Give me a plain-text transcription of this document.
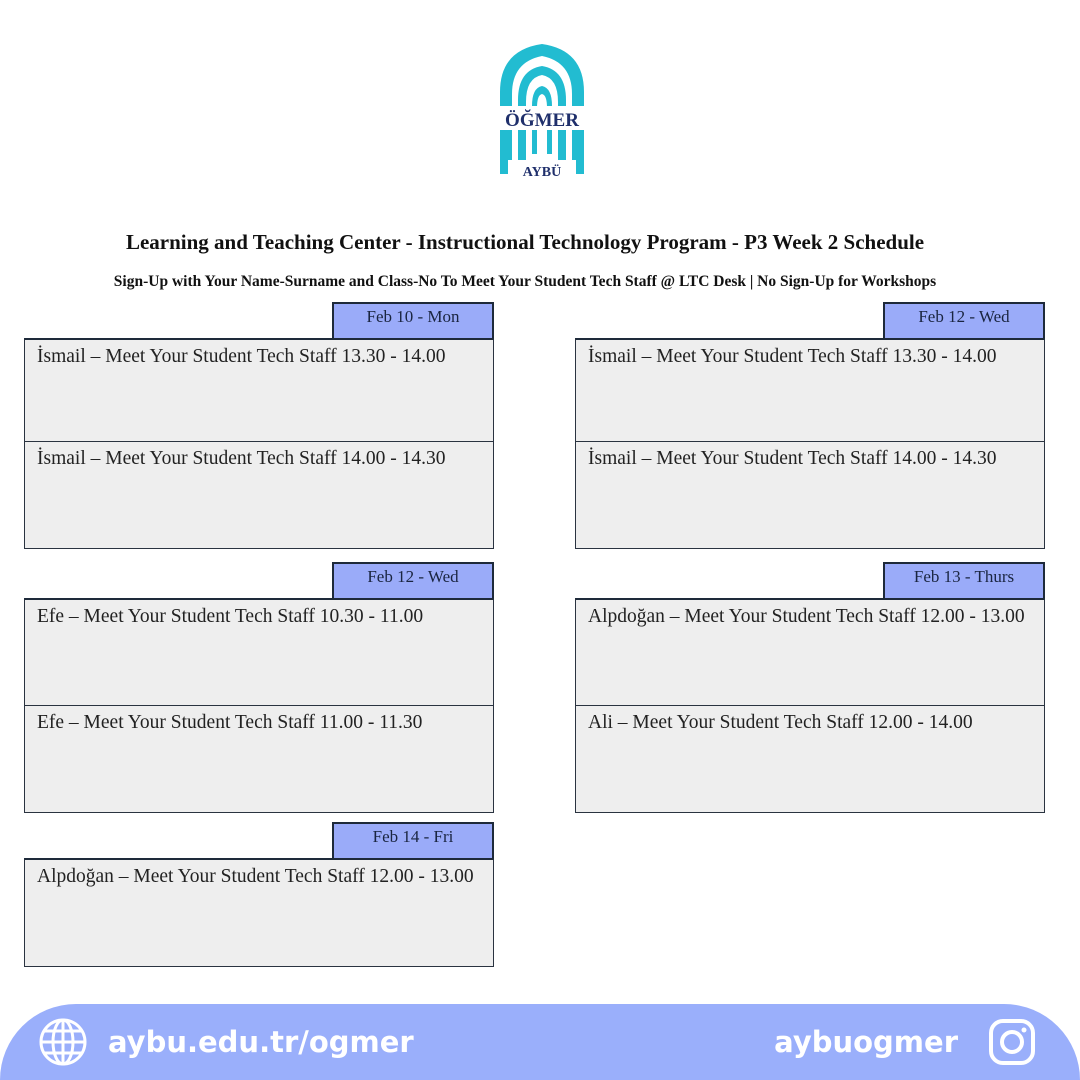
ÖĞMER
AYBÜ
Learning and Teaching Center - Instructional Technology Program - P3 Week 2 Schedule
Sign-Up with Your Name-Surname and Class-No To Meet Your Student Tech Staff @ LTC Desk | No Sign-Up for Workshops
Feb 10 - Mon
İsmail – Meet Your Student Tech Staff 13.30 - 14.00
İsmail – Meet Your Student Tech Staff 14.00 - 14.30
Feb 12 - Wed
İsmail – Meet Your Student Tech Staff 13.30 - 14.00
İsmail – Meet Your Student Tech Staff 14.00 - 14.30
Feb 12 - Wed
Efe – Meet Your Student Tech Staff 10.30 - 11.00
Efe – Meet Your Student Tech Staff 11.00 - 11.30
Feb 13 - Thurs
Alpdoğan – Meet Your Student Tech Staff 12.00 - 13.00
Ali – Meet Your Student Tech Staff 12.00 - 14.00
Feb 14 - Fri
Alpdoğan – Meet Your Student Tech Staff 12.00 - 13.00
aybu.edu.tr/ogmer	aybuogmer
